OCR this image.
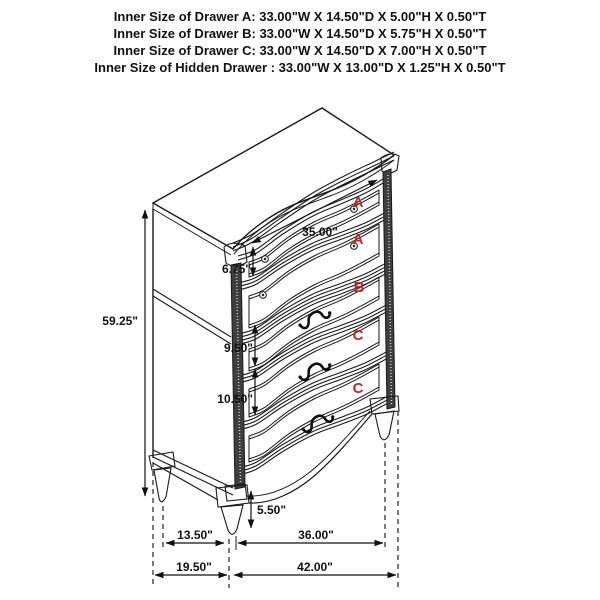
Inner Size of Drawer A: 33.00"W X 14.50"D X 5.00"H X 0.50"T

Inner Size of Drawer B: 33.00"W X 14.50"D X 5.75"H X 0.50"T

Inner Size of Drawer C: 33.00"W X 14.50"D X 7.00"H X 0.50"T

Inner Size of Hidden Drawer : 33.00"W X 13.00"D X 1.25"H X 0.50"T

A
A
B
C
C
59.25"
35.00"
6.75"
9.50"
10.50"
5.50"
13.50"	36.00"
19.50"	42.00"
